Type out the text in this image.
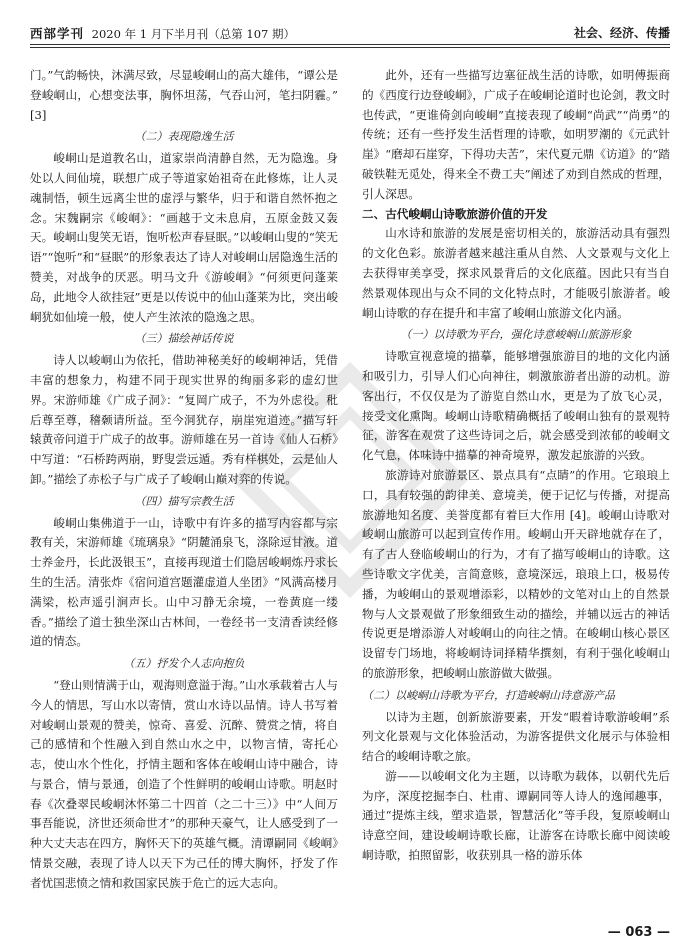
西部学刊 2020 年 1 月下半月刊（总第 107 期）	社会、经济、传播

门。”气韵畅快，沐满尽致，尽显峻峒山的高大雄伟，“谭公是登峻峒山，心想变法事，胸怀坦荡，气吞山河，笔扫阴霾。” [3]

（二）表现隐逸生活

峻峒山是道教名山，道家崇尚清静自然，无为隐逸。身处以人间仙境，联想广成子等道家始祖奇在此修炼，让人灵魂制悟，顿生远离尘世的虚浮与繁华，归于和谐自然怀抱之念。宋魏嗣宗《峻峒》：“画越于文未息肩，五原金鼓又轰天。峻峒山叟笑无语，饱听松声春昼眠。”以峻峒山叟的“笑无语”“饱听”和“昼眠”的形象表达了诗人对峻峒山居隐逸生活的赞美，对战争的厌恶。明马文升《游峻峒》“何须更问蓬莱岛，此地令人欲挂冠”更是以传说中的仙山蓬莱为比，突出峻峒犹如仙境一般，使人产生浓浓的隐逸之思。

（三）描绘神话传说

诗人以峻峒山为依托，借助神秘美好的峻峒神话，凭借丰富的想象力，构建不同于现实世界的绚丽多彩的虚幻世界。宋游师雄《广成子洞》：“复岡广成子，不为外虑役。秕后尊至尊，稽颡请所益。至今洞犹存，崩崖宛道迹。”描写轩辕黄帝问道于广成子的故事。游师雄在另一首诗《仙人石桥》中写道：“石桥跨两崩，野叟尝远遁。秀有样棋处，云是仙人卸。”描绘了赤松子与广成子了峻峒山巅对弈的传说。

（四）描写宗教生活

峻峒山集佛道于一山，诗歌中有许多的描写内容都与宗教有关，宋游师雄《琉璃泉》“阴麓涌泉飞，涤除逗甘液。道士养金丹，长此汲银玉”，直接再现道士们隐居峻峒炼丹求长生的生活。清张炸《宿问道宫题灌虚道人坐团》“风满高楼月满梁，松声遥引涧声长。山中习静无余境，一卷黄庭一缕香。”描绘了道士独坐深山古林间，一卷经书一支清香读经修道的情态。

（五）抒发个人志向抱负

“登山则情满于山，观海则意溢于海。”山水承载着古人与今人的情思，写山水以寄情，赏山水诗以品情。诗人书写着对峻峒山景观的赞美，惊奇、喜爱、沉醉、赞赏之情，将自己的感情和个性融入到自然山水之中，以物言情，寄托心志，使山水个性化，抒情主题和客体在峻峒山诗中融合，诗与景合，情与景通，创造了个性鲜明的峻峒山诗歌。明赵时春《次叠翠民峻峒沐怀第二十四首（之二十三）》中“人间万事吾能说，济世还须命世才”的那种天豪气，让人感受到了一种大丈夫志在四方，胸怀天下的英雄气概。清谭嗣同《峻峒》情景交融，表现了诗人以天下为己任的博大胸怀，抒发了作者忧国悲愤之情和救国家民族于危亡的远大志向。

此外，还有一些描写边塞征战生活的诗歌，如明傅振商的《西度行边登峻峒》，广成子在峻峒论道时也论剑，教文时也传武，“更谁倚剑向峻峒”直接表现了峻峒“尚武”“尚勇”的传统；还有一些抒发生活哲理的诗歌，如明罗潮的《元武针崖》“磨却石崖穿，下得功夫苦”，宋代夏元鼎《访道》的“踏破铁鞋无觅处，得来全不费工夫”阐述了劝到自然成的哲理，引人深思。

二、古代峻峒山诗歌旅游价值的开发

山水诗和旅游的发展是密切相关的，旅游活动具有强烈的文化色彩。旅游者越来越注重从自然、人文景观与文化上去获得审美享受，探求风景背后的文化底蕴。因此只有当自然景观体现出与众不同的文化特点时，才能吸引旅游者。峻峒山诗歌的存在提升和丰富了峻峒山旅游文化内涵。

（一）以诗歌为平台，强化诗意峻峒山旅游形象

诗歌宣视意境的描摹，能够增强旅游目的地的文化内涵和吸引力，引导人们心向神往，刺激旅游者出游的动机。游客出行，不仅仅是为了游览自然山水，更是为了放飞心灵，接受文化熏陶。峻峒山诗歌精确概括了峻峒山独有的景观特征，游客在观赏了这些诗词之后，就会感受到浓郁的峻峒文化气息，体味诗中描摹的神奇境界，激发起旅游的兴致。

旅游诗对旅游景区、景点具有“点睛”的作用。它琅琅上口，具有较强的韵律美、意境美，便于记忆与传播，对提高旅游地知名度、美誉度都有着巨大作用 [4]。峻峒山诗歌对峻峒山旅游可以起到宣传作用。峻峒山开天辟地就存在了，有了古人登临峻峒山的行为，才有了描写峻峒山的诗歌。这些诗歌文字优美，言简意赅，意境深远，琅琅上口，极易传播，为峻峒山的景观增添彩，以精妙的文笔对山上的自然景物与人文景观做了形象细致生动的描绘，并辅以远古的神话传说更是增添游人对峻峒山的向往之情。在峻峒山核心景区设留专门场地，将峻峒诗词择精华撰刻，有利于强化峻峒山的旅游形象，把峻峒山旅游做大做强。

（二）以峻峒山诗歌为平台，打造峻峒山诗意游产品

以诗为主题，创新旅游要素，开发“暇着诗歌游峻峒”系列文化景观与文化体验活动，为游客提供文化展示与体验相结合的峻峒诗歌之旅。

游——以峻峒文化为主题，以诗歌为载体，以朝代先后为序，深度挖掘李白、杜甫、谭嗣同等人诗人的逸闻趣事，通过“提炼主线，塑求造景，智慧活化”等手段，复原峻峒山诗意空间，建设峻峒诗歌长廊，让游客在诗歌长廊中阅读峻峒诗歌，拍照留影，收获别具一格的游乐体

— 063 —
